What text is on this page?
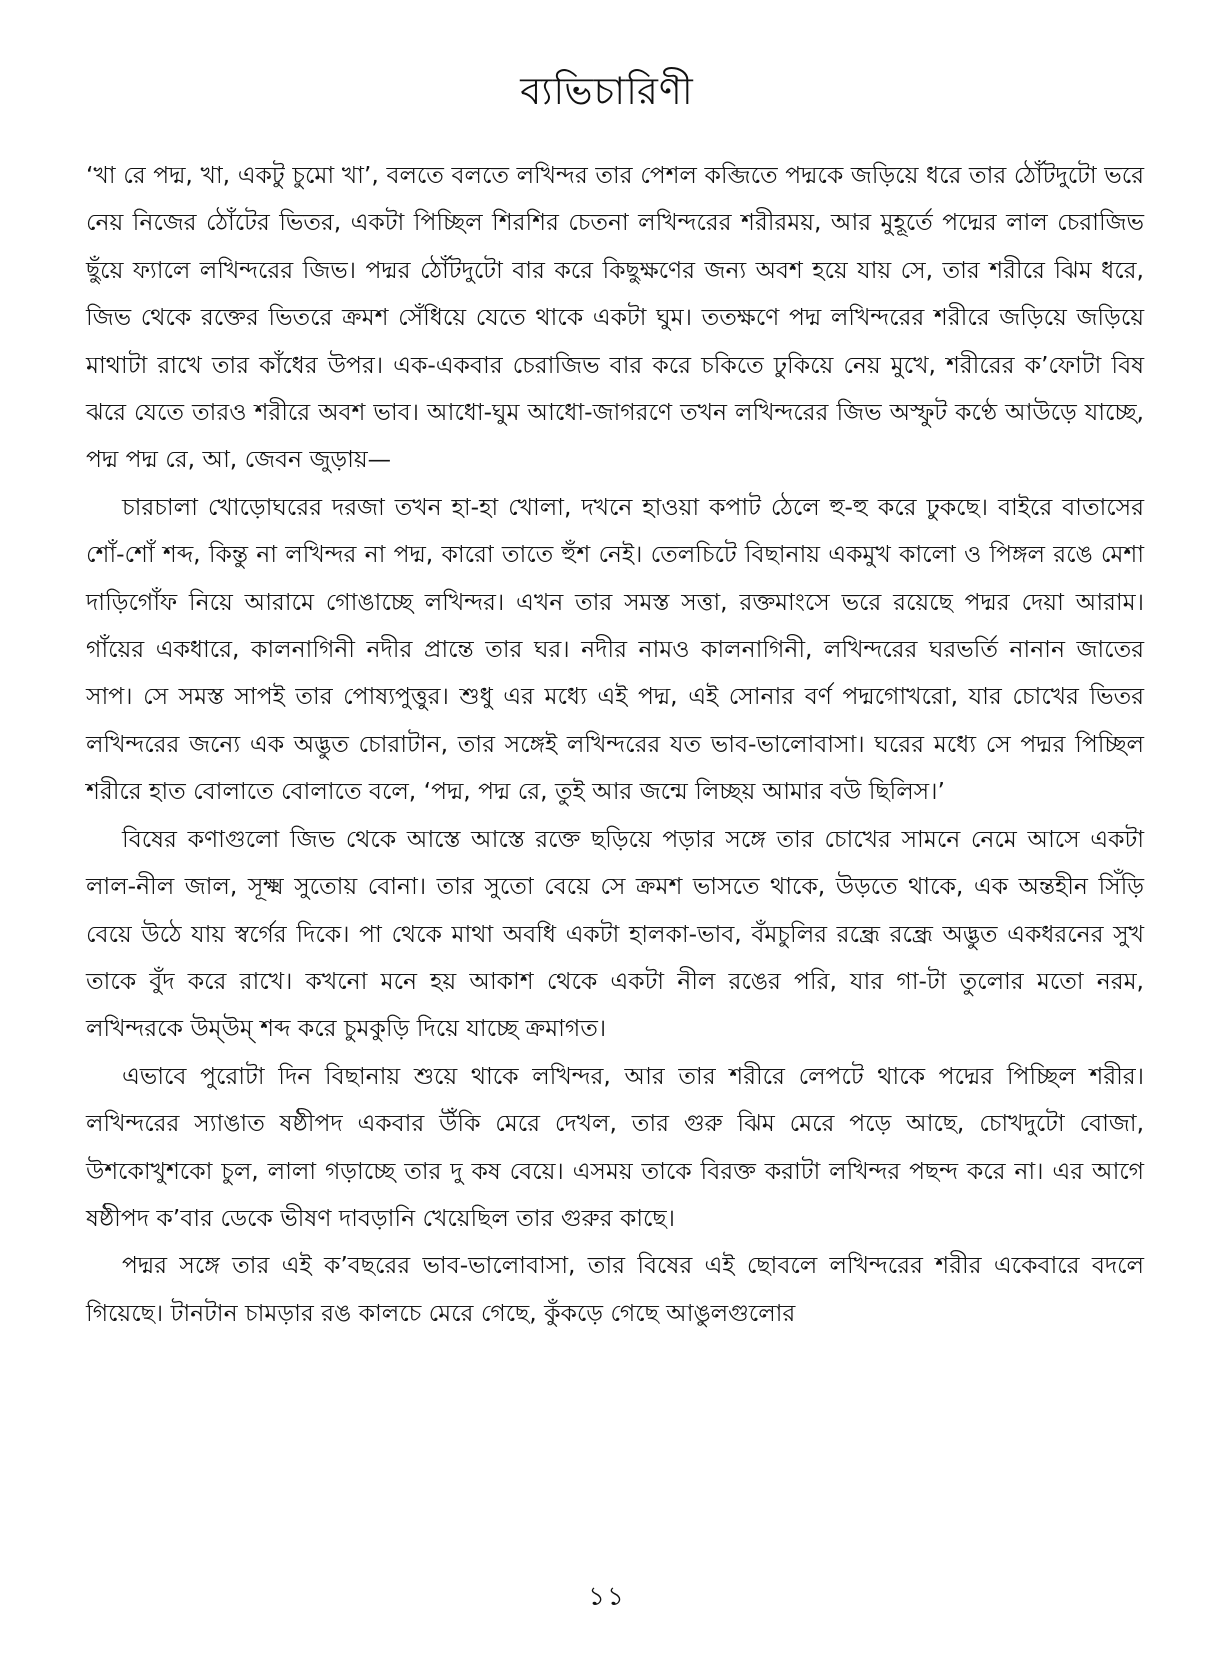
ব্যভিচারিণী

‘খা রে পদ্ম, খা, একটু চুমো খা’, বলতে বলতে লখিন্দর তার পেশল কব্জিতে পদ্মকে জড়িয়ে ধরে তার ঠোঁটদুটো ভরে নেয় নিজের ঠোঁটের ভিতর, একটা পিচ্ছিল শিরশির চেতনা লখিন্দরের শরীরময়, আর মুহূর্তে পদ্মের লাল চেরাজিভ ছুঁয়ে ফ্যালে লখিন্দরের জিভ। পদ্মর ঠোঁটদুটো বার করে কিছুক্ষণের জন্য অবশ হয়ে যায় সে, তার শরীরে ঝিম ধরে, জিভ থেকে রক্তের ভিতরে ক্রমশ সেঁধিয়ে যেতে থাকে একটা ঘুম। ততক্ষণে পদ্ম লখিন্দরের শরীরে জড়িয়ে জড়িয়ে মাথাটা রাখে তার কাঁধের উপর। এক-একবার চেরাজিভ বার করে চকিতে ঢুকিয়ে নেয় মুখে, শরীরের ক’ফোটা বিষ ঝরে যেতে তারও শরীরে অবশ ভাব। আধো-ঘুম আধো-জাগরণে তখন লখিন্দরের জিভ অস্ফুট কণ্ঠে আউড়ে যাচ্ছে, পদ্ম পদ্ম রে, আ, জেবন জুড়ায়—

চারচালা খোড়োঘরের দরজা তখন হা-হা খোলা, দখনে হাওয়া কপাট ঠেলে হু-হু করে ঢুকছে। বাইরে বাতাসের শোঁ-শোঁ শব্দ, কিন্তু না লখিন্দর না পদ্ম, কারো তাতে হুঁশ নেই। তেলচিটে বিছানায় একমুখ কালো ও পিঙ্গল রঙে মেশা দাড়িগোঁফ নিয়ে আরামে গোঙাচ্ছে লখিন্দর। এখন তার সমস্ত সত্তা, রক্তমাংসে ভরে রয়েছে পদ্মর দেয়া আরাম। গাঁয়ের একধারে, কালনাগিনী নদীর প্রান্তে তার ঘর। নদীর নামও কালনাগিনী, লখিন্দরের ঘরভর্তি নানান জাতের সাপ। সে সমস্ত সাপই তার পোষ্যপুত্তুর। শুধু এর মধ্যে এই পদ্ম, এই সোনার বর্ণ পদ্মগোখরো, যার চোখের ভিতর লখিন্দরের জন্যে এক অদ্ভুত চোরাটান, তার সঙ্গেই লখিন্দরের যত ভাব-ভালোবাসা। ঘরের মধ্যে সে পদ্মর পিচ্ছিল শরীরে হাত বোলাতে বোলাতে বলে, ‘পদ্ম, পদ্ম রে, তুই আর জন্মে লিচ্ছয় আমার বউ ছিলিস।’

বিষের কণাগুলো জিভ থেকে আস্তে আস্তে রক্তে ছড়িয়ে পড়ার সঙ্গে তার চোখের সামনে নেমে আসে একটা লাল-নীল জাল, সূক্ষ্ম সুতোয় বোনা। তার সুতো বেয়ে সে ক্রমশ ভাসতে থাকে, উড়তে থাকে, এক অন্তহীন সিঁড়ি বেয়ে উঠে যায় স্বর্গের দিকে। পা থেকে মাথা অবধি একটা হালকা-ভাব, বঁমচুলির রন্ধ্রে রন্ধ্রে অদ্ভুত একধরনের সুখ তাকে বুঁদ করে রাখে। কখনো মনে হয় আকাশ থেকে একটা নীল রঙের পরি, যার গা-টা তুলোর মতো নরম, লখিন্দরকে উম্‌উম্‌ শব্দ করে চুমকুড়ি দিয়ে যাচ্ছে ক্রমাগত।

এভাবে পুরোটা দিন বিছানায় শুয়ে থাকে লখিন্দর, আর তার শরীরে লেপটে থাকে পদ্মের পিচ্ছিল শরীর। লখিন্দরের স্যাঙাত ষষ্ঠীপদ একবার উঁকি মেরে দেখল, তার গুরু ঝিম মেরে পড়ে আছে, চোখদুটো বোজা, উশকোখুশকো চুল, লালা গড়াচ্ছে তার দু কষ বেয়ে। এসময় তাকে বিরক্ত করাটা লখিন্দর পছন্দ করে না। এর আগে ষষ্ঠীপদ ক’বার ডেকে ভীষণ দাবড়ানি খেয়েছিল তার গুরুর কাছে।

পদ্মর সঙ্গে তার এই ক’বছরের ভাব-ভালোবাসা, তার বিষের এই ছোবলে লখিন্দরের শরীর একেবারে বদলে গিয়েছে। টানটান চামড়ার রঙ কালচে মেরে গেছে, কুঁকড়ে গেছে আঙুলগুলোর

১১
